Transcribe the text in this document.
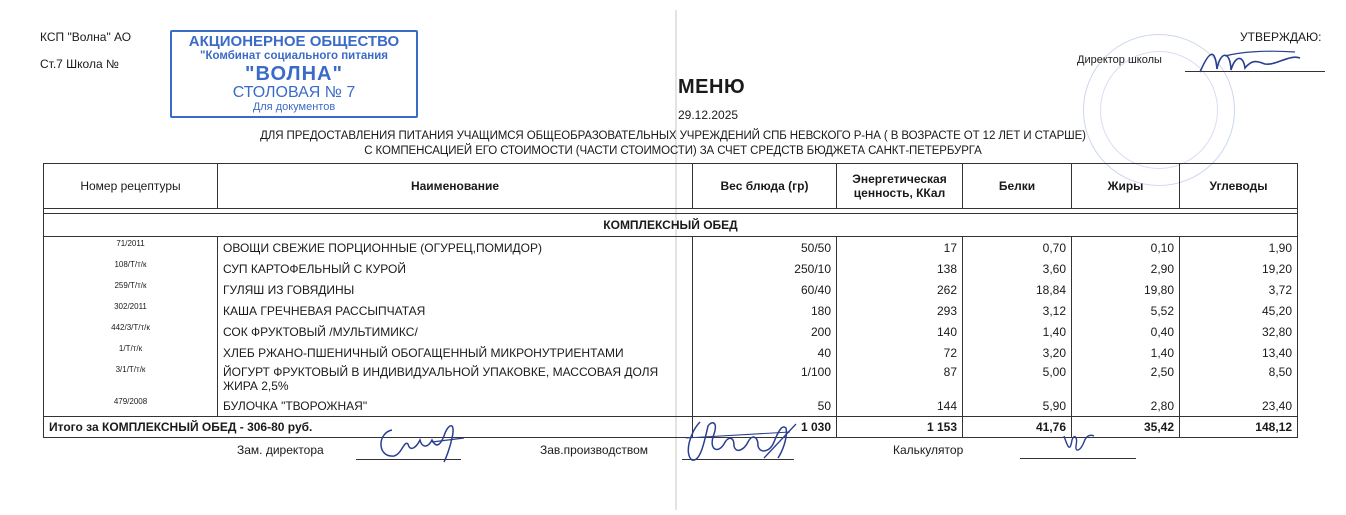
КСП "Волна" АО
Ст.7 Школа №
АКЦИОНЕРНОЕ ОБЩЕСТВО
"Комбинат социального питания
"ВОЛНА"
СТОЛОВАЯ № 7
Для документов
УТВЕРЖДАЮ:
Директор школы
МЕНЮ
29.12.2025
ДЛЯ ПРЕДОСТАВЛЕНИЯ ПИТАНИЯ УЧАЩИМСЯ ОБЩЕОБРАЗОВАТЕЛЬНЫХ УЧРЕЖДЕНИЙ СПБ НЕВСКОГО Р-НА ( В ВОЗРАСТЕ ОТ 12 ЛЕТ И СТАРШЕ)
С КОМПЕНСАЦИЕЙ ЕГО СТОИМОСТИ (ЧАСТИ СТОИМОСТИ) ЗА СЧЕТ СРЕДСТВ БЮДЖЕТА САНКТ-ПЕТЕРБУРГА
Номер рецептуры	Наименование	Вес блюда (гр)	Энергетическая ценность, ККал	Белки	Жиры	Углеводы

КОМПЛЕКСНЫЙ ОБЕД						
71/2011	ОВОЩИ СВЕЖИЕ ПОРЦИОННЫЕ (ОГУРЕЦ,ПОМИДОР)	50/50	17	0,70	0,10	1,90
108/Т/т/к	СУП КАРТОФЕЛЬНЫЙ С КУРОЙ	250/10	138	3,60	2,90	19,20
259/Т/т/к	ГУЛЯШ ИЗ ГОВЯДИНЫ	60/40	262	18,84	19,80	3,72
302/2011	КАША ГРЕЧНЕВАЯ РАССЫПЧАТАЯ	180	293	3,12	5,52	45,20
442/3/Т/т/к	СОК ФРУКТОВЫЙ /МУЛЬТИМИКС/	200	140	1,40	0,40	32,80
1/Т/т/к	ХЛЕБ РЖАНО-ПШЕНИЧНЫЙ ОБОГАЩЕННЫЙ МИКРОНУТРИЕНТАМИ	40	72	3,20	1,40	13,40
3/1/Т/т/к	ЙОГУРТ ФРУКТОВЫЙ В ИНДИВИДУАЛЬНОЙ УПАКОВКЕ, МАССОВАЯ ДОЛЯ ЖИРА 2,5%	1/100	87	5,00	2,50	8,50
479/2008	БУЛОЧКА "ТВОРОЖНАЯ"	50	144	5,90	2,80	23,40
Итого за КОМПЛЕКСНЫЙ ОБЕД - 306-80 руб.		1 030	1 153	41,76	35,42	148,12
Зам. директора	Зав.производством	Калькулятор
